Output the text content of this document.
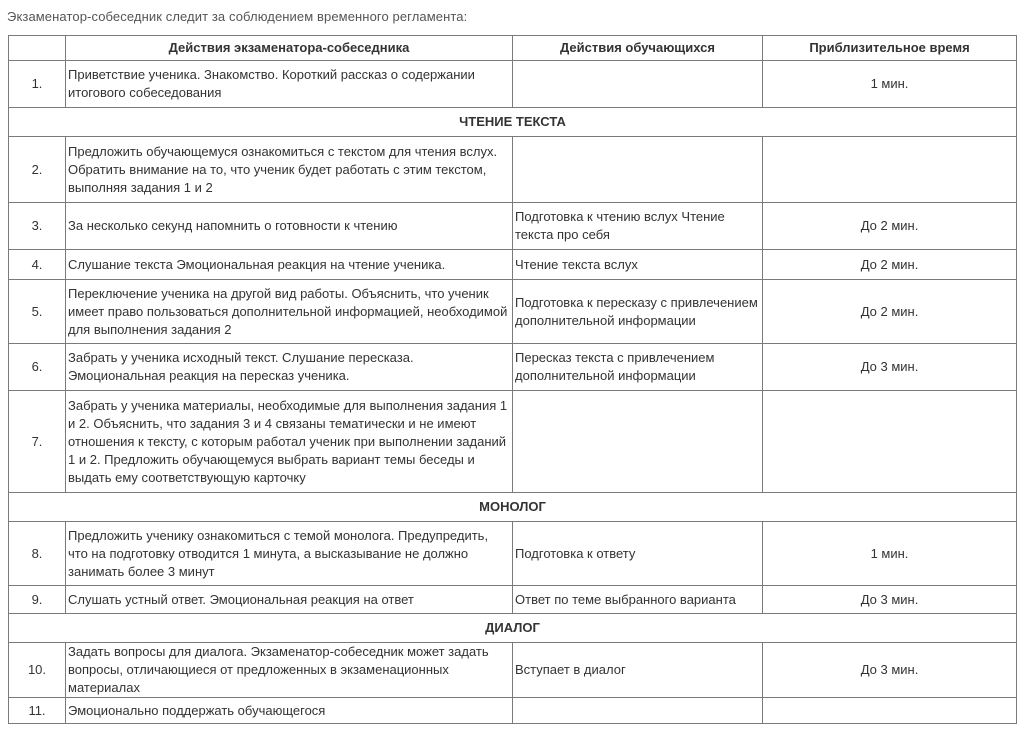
Экзаменатор-собеседник следит за соблюдением временного регламента:
	Действия экзаменатора-собеседника	Действия обучающихся	Приблизительное время
1.	Приветствие ученика. Знакомство. Короткий рассказ о содержании итогового собеседования		1 мин.
ЧТЕНИЕ ТЕКСТА			
2.	Предложить обучающемуся ознакомиться с текстом для чтения вслух. Обратить внимание на то, что ученик будет работать с этим текстом, выполняя задания 1 и 2		
3.	За несколько секунд напомнить о готовности к чтению	Подготовка к чтению вслух Чтение текста про себя	До 2 мин.
4.	Слушание текста Эмоциональная реакция на чтение ученика.	Чтение текста вслух	До 2 мин.
5.	Переключение ученика на другой вид работы. Объяснить, что ученик имеет право пользоваться дополнительной информацией, необходимой для выполнения задания 2	Подготовка к пересказу с привлечением дополнительной информации	До 2 мин.
6.	Забрать у ученика исходный текст. Слушание пересказа. Эмоциональная реакция на пересказ ученика.	Пересказ текста с привлечением дополнительной информации	До 3 мин.
7.	Забрать у ученика материалы, необходимые для выполнения задания 1 и 2. Объяснить, что задания 3 и 4 связаны тематически и не имеют отношения к тексту, с которым работал ученик при выполнении заданий 1 и 2. Предложить обучающемуся выбрать вариант темы беседы и выдать ему соответствующую карточку		
МОНОЛОГ			
8.	Предложить ученику ознакомиться с темой монолога. Предупредить, что на подготовку отводится 1 минута, а высказывание не должно занимать более 3 минут	Подготовка к ответу	1 мин.
9.	Слушать устный ответ. Эмоциональная реакция на ответ	Ответ по теме выбранного варианта	До 3 мин.
ДИАЛОГ			
10.	Задать вопросы для диалога. Экзаменатор-собеседник может задать вопросы, отличающиеся от предложенных в экзаменационных материалах	Вступает в диалог	До 3 мин.
11.	Эмоционально поддержать обучающегося		
